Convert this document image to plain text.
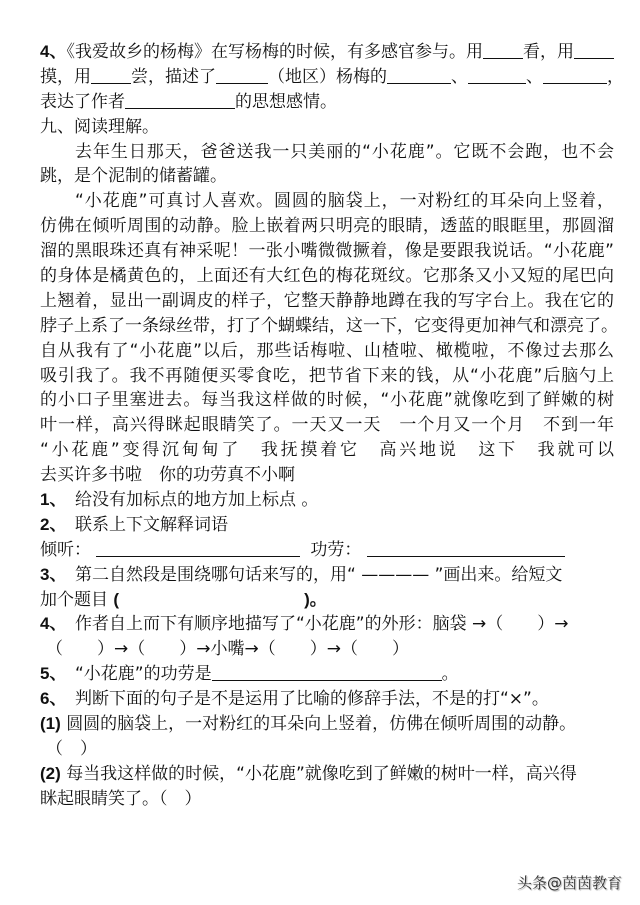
4、《我爱故乡的杨梅》在写杨梅的时候，有多感官参与。用 看，用
摸，用 尝，描述了	（地区）杨梅的	、	、	，
表达了作者	的思想感情。
九、阅读理解。
去年生日那天，爸爸送我一只美丽的“小花鹿”。它既不会跑，也不会
跳，是个泥制的储蓄罐。
“小花鹿”可真讨人喜欢。圆圆的脑袋上，一对粉红的耳朵向上竖着，
仿佛在倾听周围的动静。脸上嵌着两只明亮的眼睛，透蓝的眼眶里，那圆溜
溜的黑眼珠还真有神采呢！一张小嘴微微撅着，像是要跟我说话。“小花鹿”
的身体是橘黄色的，上面还有大红色的梅花斑纹。它那条又小又短的尾巴向
上翘着，显出一副调皮的样子，它整天静静地蹲在我的写字台上。我在它的
脖子上系了一条绿丝带，打了个蝴蝶结，这一下，它变得更加神气和漂亮了。
自从我有了“小花鹿”以后，那些话梅啦、山楂啦、橄榄啦，不像过去那么
吸引我了。我不再随便买零食吃，把节省下来的钱，从“小花鹿”后脑勺上
的小口子里塞进去。每当我这样做的时候，“小花鹿”就像吃到了鲜嫩的树
叶一样，高兴得眯起眼睛笑了。一天又一天　一个月又一个月　不到一年
“小花鹿”变得沉甸甸了　我抚摸着它　高兴地说　这下　我就可以
去买许多书啦　你的功劳真不小啊
1、 给没有加标点的地方加上标点 。
2、 联系上下文解释词语
倾听：	功劳：
3、 第二自然段是围绕哪句话来写的，用“ ———— ”画出来。给短文
加个题目 (	)。
4、 作者自上而下有顺序地描写了“小花鹿”的外形：脑袋 →（　　）→
（　　）→（　　）→小嘴→（　　）→（　　）
5、 “小花鹿”的功劳是	。
6、 判断下面的句子是不是运用了比喻的修辞手法，不是的打“×”。
(1) 圆圆的脑袋上，一对粉红的耳朵向上竖着，仿佛在倾听周围的动静。
（　）
(2) 每当我这样做的时候，“小花鹿”就像吃到了鲜嫩的树叶一样，高兴得
眯起眼睛笑了。（　）
头条@茵茵教育
